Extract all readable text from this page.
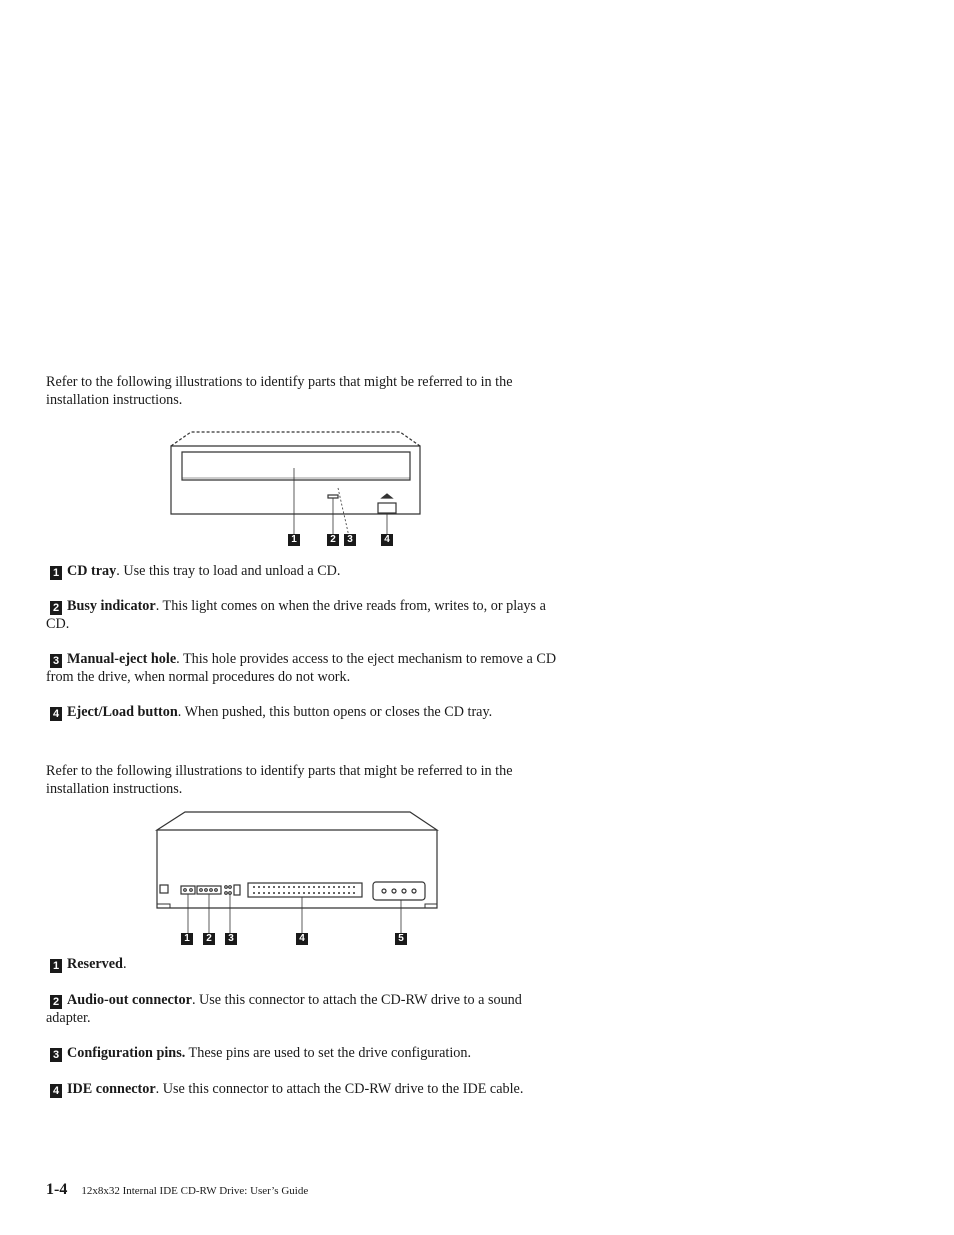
Refer to the following illustrations to identify parts that might be referred to in the installation instructions.

1	2	3	4

1 CD tray. Use this tray to load and unload a CD.

2 Busy indicator. This light comes on when the drive reads from, writes to, or plays a CD.

3 Manual-eject hole. This hole provides access to the eject mechanism to remove a CD from the drive, when normal procedures do not work.

4 Eject/Load button. When pushed, this button opens or closes the CD tray.

Refer to the following illustrations to identify parts that might be referred to in the installation instructions.

1	2	3	4	5

1 Reserved.

2 Audio-out connector. Use this connector to attach the CD-RW drive to a sound adapter.

3 Configuration pins. These pins are used to set the drive configuration.

4 IDE connector. Use this connector to attach the CD-RW drive to the IDE cable.

1-4 12x8x32 Internal IDE CD-RW Drive: User’s Guide
